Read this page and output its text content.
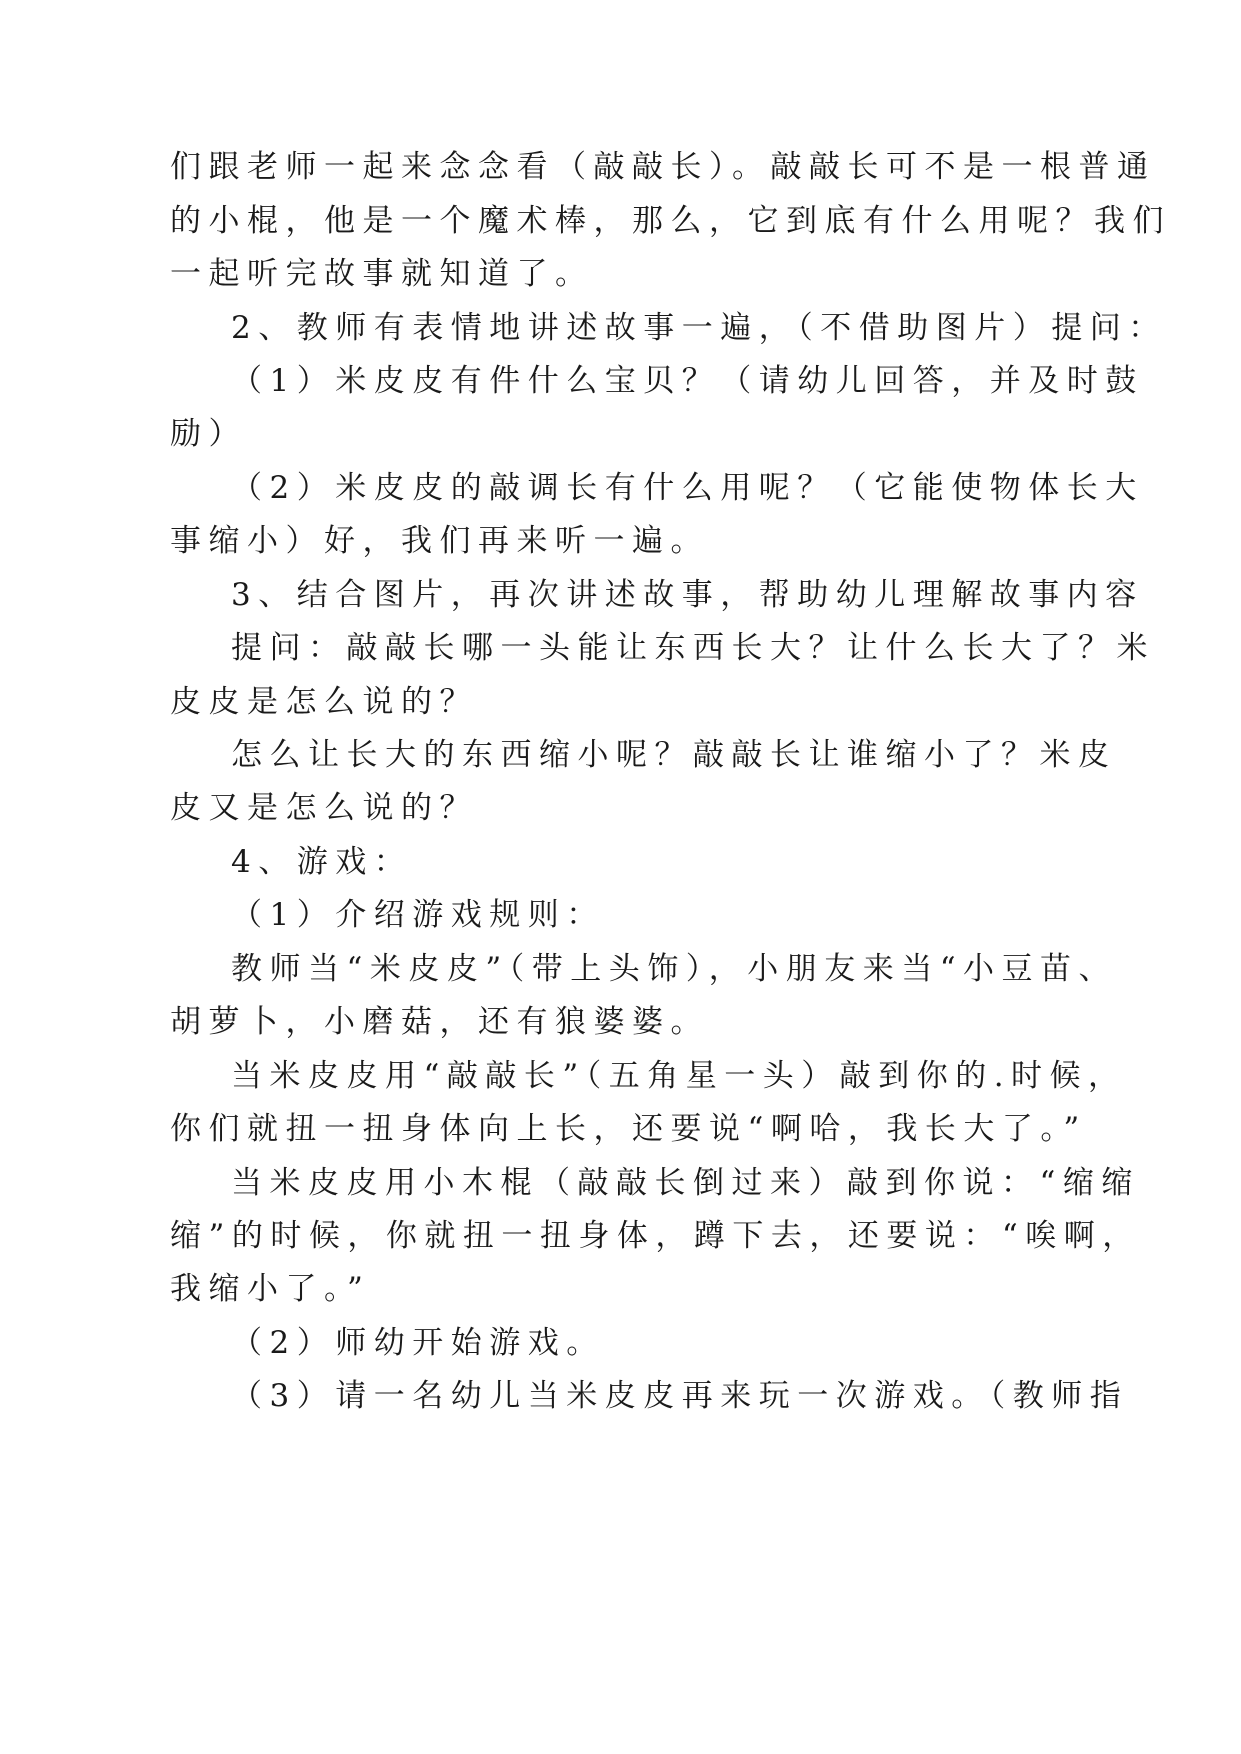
们跟老师一起来念念看（敲敲长）。敲敲长可不是一根普通
的小棍，他是一个魔术棒，那么，它到底有什么用呢？我们
一起听完故事就知道了。
2、教师有表情地讲述故事一遍，（不借助图片）提问：
（1）米皮皮有件什么宝贝？（请幼儿回答，并及时鼓
励）
（2）米皮皮的敲调长有什么用呢？（它能使物体长大
事缩小）好，我们再来听一遍。
3、结合图片，再次讲述故事，帮助幼儿理解故事内容
提问：敲敲长哪一头能让东西长大？让什么长大了？米
皮皮是怎么说的？
怎么让长大的东西缩小呢？敲敲长让谁缩小了？米皮
皮又是怎么说的？
4、游戏：
（1）介绍游戏规则：
教师当“米皮皮”（带上头饰），小朋友来当“小豆苗、
胡萝卜，小磨菇，还有狼婆婆。
当米皮皮用“敲敲长”（五角星一头）敲到你的.时候，
你们就扭一扭身体向上长，还要说“啊哈，我长大了。”
当米皮皮用小木棍（敲敲长倒过来）敲到你说：“缩缩
缩”的时候，你就扭一扭身体，蹲下去，还要说：“唉啊，
我缩小了。”
（2）师幼开始游戏。
（3）请一名幼儿当米皮皮再来玩一次游戏。（教师指
